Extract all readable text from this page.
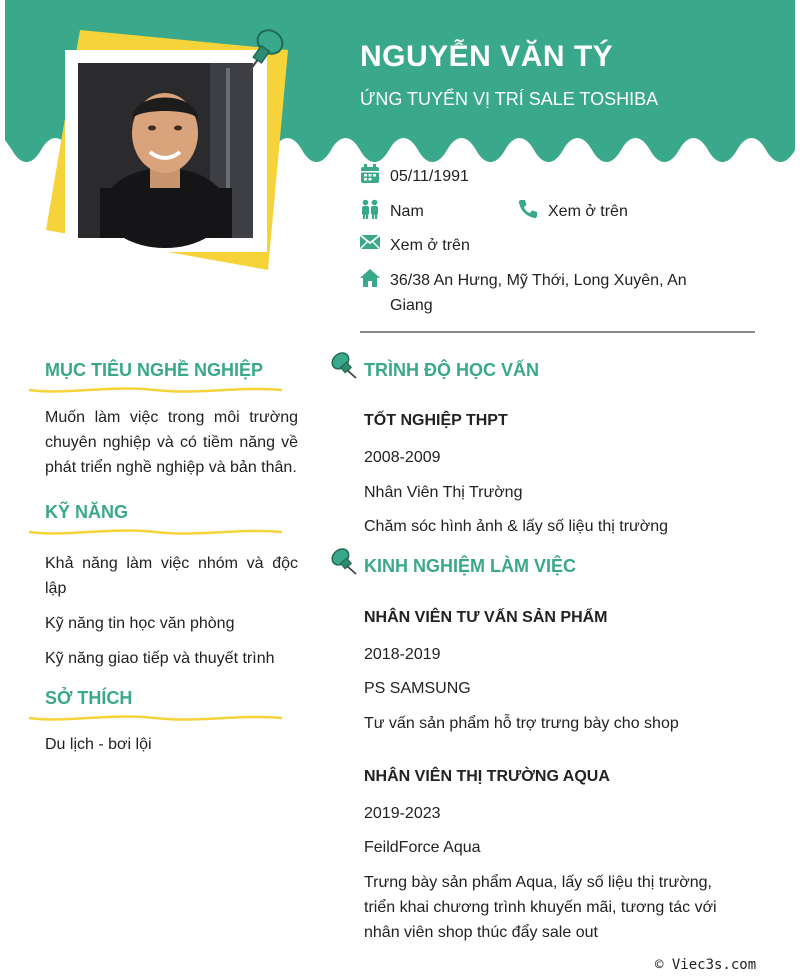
NGUYỄN VĂN TÝ
ỨNG TUYỂN VỊ TRÍ SALE TOSHIBA
05/11/1991
Nam	Xem ở trên
Xem ở trên
36/38 An Hưng, Mỹ Thới, Long Xuyên, An
Giang
MỤC TIÊU NGHỀ NGHIỆP
Muốn làm việc trong môi trường chuyên nghiệp và có tiềm năng về phát triển nghề nghiệp và bản thân.
KỸ NĂNG
Khả năng làm việc nhóm và độc lập
Kỹ năng tin học văn phòng
Kỹ năng giao tiếp và thuyết trình
SỞ THÍCH
Du lịch - bơi lội
TRÌNH ĐỘ HỌC VẤN
TỐT NGHIỆP THPT
2008-2009
Nhân Viên Thị Trường
Chăm sóc hình ảnh & lấy số liệu thị trường
KINH NGHIỆM LÀM VIỆC
NHÂN VIÊN TƯ VẤN SẢN PHẨM
2018-2019
PS SAMSUNG
Tư vấn sản phẩm hỗ trợ trưng bày cho shop
NHÂN VIÊN THỊ TRƯỜNG AQUA
2019-2023
FeildForce Aqua
Trưng bày sản phẩm Aqua, lấy số liệu thị trường, triển khai chương trình khuyến mãi, tương tác với nhân viên shop thúc đẩy sale out
© Viec3s.com
